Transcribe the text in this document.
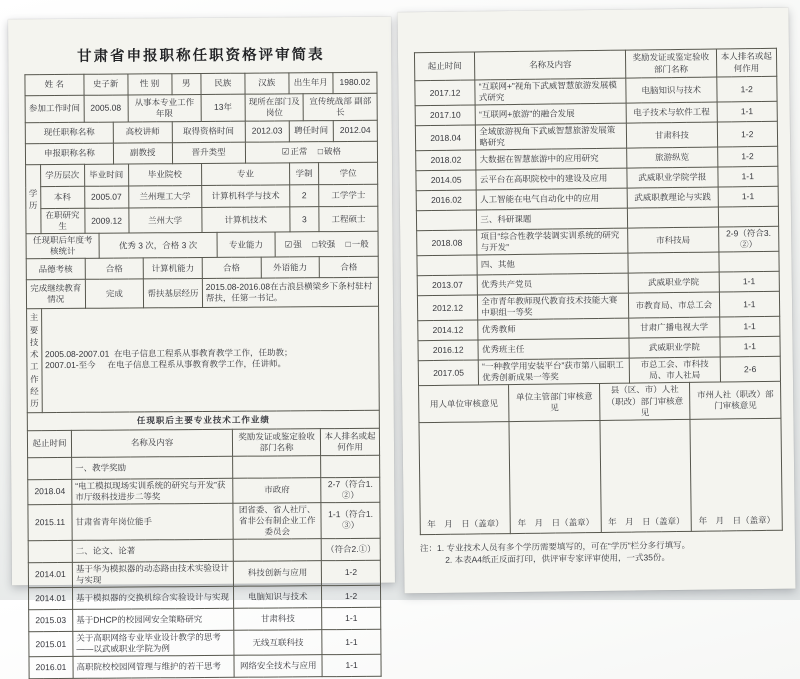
甘肃省申报职称任职资格评审简表
姓 名			史子新			性 别		男	民族			汉族			出生年月			1980.02
参加工作时间			2005.08			从事本专业工作年限			13年			现所在部门及岗位				宣传统战部 副部长		
现任职称名称					高校讲师			取得资格时间				2012.03			聘任时间			2012.04
申报职称名称					副教授			晋升类型				☑正常 □破格						
学历	学历层次		毕业时间			毕业院校			专业						学制		学位	
	本科		2005.07			兰州理工大学			计算机科学与技术						2		工学学士	
	在职研究生		2009.12			兰州大学			计算机技术						3		工程硕士	
任现职后年度考核统计				优秀 3 次，合格 3 次						专业能力				☑强 □较强 □一般				
品德考核			合格				计算机能力		合格				外语能力				合格	
完成继续教育情况			完成				帮扶基层经历		2015.08-2016.08在古浪县横梁乡下条村驻村帮扶，任第一书记。									
主要技术工作经历	2005.08-2007.01  在电子信息工程系从事教育教学工作，任助教；
2007.01-至今     在电子信息工程系从事教育教学工作，任讲师。																	

任现职后主要专业技术工作业绩																		
起止时间		名称及内容									奖励发证或鉴定验收部门名称						本人排名或起何作用	
		一、教学奖励																
2018.04		“电工模拟现场实训系统的研究与开发”获市厅级科技进步二等奖									市政府						2-7（符合1.②）	
2015.11		甘肃省青年岗位能手									团省委、省人社厅、省非公有制企业工作委员会						1-1（符合1.③）	
		二、论文、论著															（符合2.①）	
2014.01		基于华为模拟器的动态路由技术实验设计与实现									科技创新与应用						1-2	
2014.01		基于模拟器的交换机综合实验设计与实现									电脑知识与技术						1-2	
2015.03		基于DHCP的校园网安全策略研究									甘肃科技						1-1	
2015.01		关于高职网络专业毕业设计教学的思考——以武威职业学院为例									无线互联科技						1-1	
2016.01		高职院校校园网管理与维护的若干思考									网络安全技术与应用						1-1	
起止时间	名称及内容			奖励发证或鉴定验收部门名称		本人排名或起何作用
2017.12	“互联网+”视角下武威智慧旅游发展模式研究			电脑知识与技术		1-2
2017.10	“互联网+旅游”的融合发展			电子技术与软件工程		1-1
2018.04	全域旅游视角下武威智慧旅游发展策略研究			甘肃科技		1-2
2018.02	大数据在智慧旅游中的应用研究			旅游纵览		1-2
2014.05	云平台在高职院校中的建设及应用			武威职业学院学报		1-1
2016.02	人工智能在电气自动化中的应用			武威职教理论与实践		1-1
	三、科研课题					
2018.08	项目“综合性教学装调实训系统的研究与开发”			市科技局		2-9（符合3.②）
	四、其他					
2013.07	优秀共产党员			武威职业学院		1-1
2012.12	全市青年教师现代教育技术技能大赛中职组一等奖			市教育局、市总工会		1-1
2014.12	优秀教师			甘肃广播电视大学		1-1
2016.12	优秀班主任			武威职业学院		1-1
2017.05	“一种教学用安装平台”获市第八届职工优秀创新成果一等奖			市总工会、市科技局、市人社局		2-6
用人单位审核意见		单位主管部门审核意见	县（区、市）人社（职改）部门审核意见		市州人社（职改）部门审核意见	
年　月　日（盖章）		年　月　日（盖章）	年　月　日（盖章）		年　月　日（盖章）	
注：1. 专业技术人员有多个学历需要填写的，可在“学历”栏分多行填写。
2. 本表A4纸正反面打印，供评审专家评审使用，一式35份。
